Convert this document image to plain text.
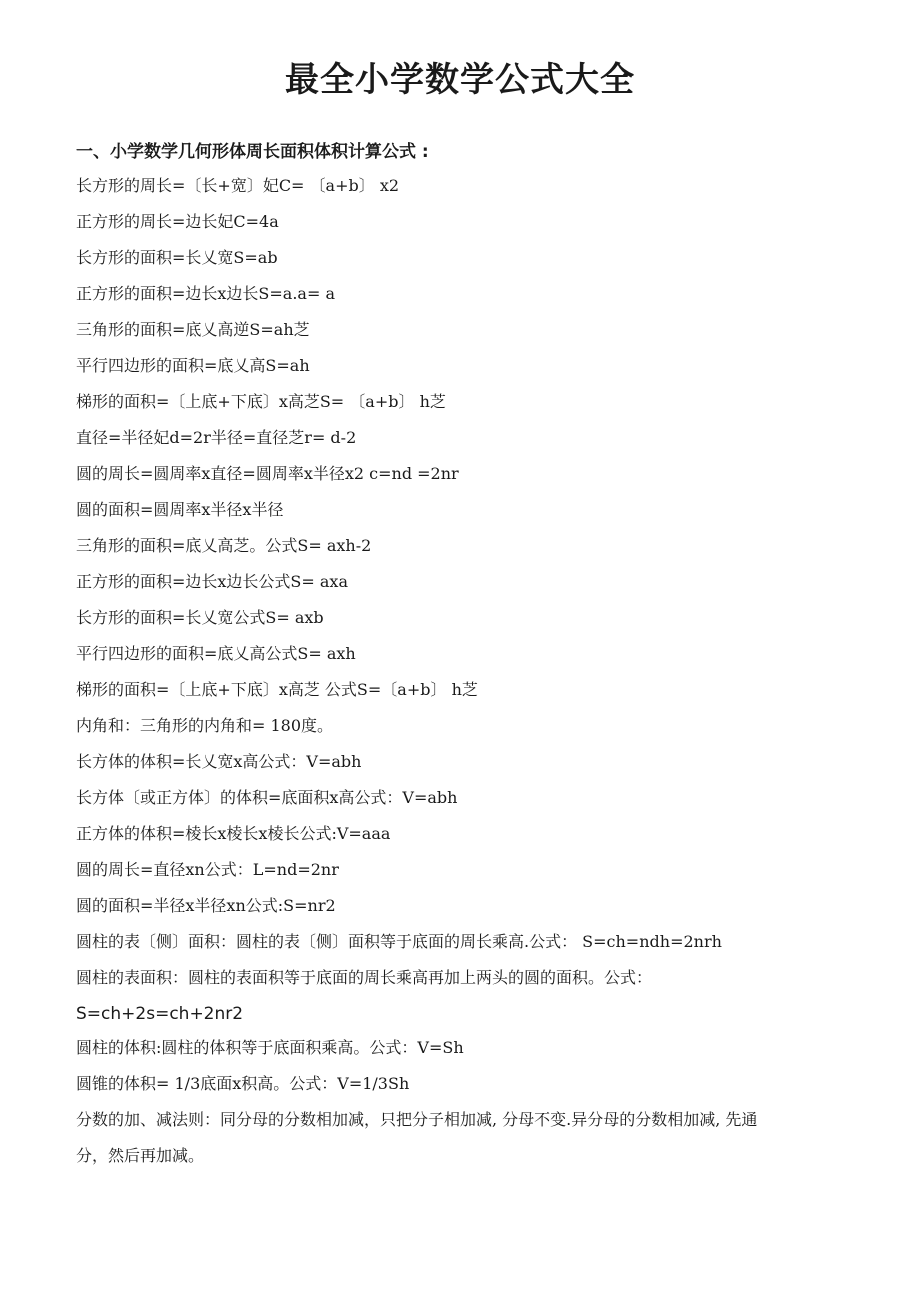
最全小学数学公式大全
一、小学数学几何形体周长面积体积计算公式 :
长方形的周长=〔长+宽〕妃C= 〔a+b〕 x2
正方形的周长=边长妃C=4a
长方形的面积=长乂宽S=ab
正方形的面积=边长x边长S=a.a= a
三角形的面积=底乂高逆S=ah芝
平行四边形的面积=底乂高S=ah
梯形的面积=〔上底+下底〕x高芝S= 〔a+b〕 h芝
直径=半径妃d=2r半径=直径芝r= d-2
圆的周长=圆周率x直径=圆周率x半径x2 c=nd =2nr
圆的面积=圆周率x半径x半径
三角形的面积=底乂高芝。公式S= axh-2
正方形的面积=边长x边长公式S= axa
长方形的面积=长乂宽公式S= axb
平行四边形的面积=底乂高公式S= axh
梯形的面积=〔上底+下底〕x高芝 公式S=〔a+b〕 h芝
内角和：三角形的内角和= 180度。
长方体的体积=长乂宽x高公式：V=abh
长方体〔或正方体〕的体积=底面积x高公式：V=abh
正方体的体积=棱长x棱长x棱长公式:V=aaa
圆的周长=直径xn公式：L=nd=2nr
圆的面积=半径x半径xn公式:S=nr2
圆柱的表〔侧〕面积：圆柱的表〔侧〕面积等于底面的周长乘高.公式： S=ch=ndh=2nrh
圆柱的表面积：圆柱的表面积等于底面的周长乘高再加上两头的圆的面积。公式：
S=ch+2s=ch+2nr2
圆柱的体积:圆柱的体积等于底面积乘高。公式：V=Sh
圆锥的体积= 1/3底面x积高。公式：V=1/3Sh
分数的加、减法则：同分母的分数相加减，只把分子相加减, 分母不变.异分母的分数相加减, 先通
分，然后再加减。
